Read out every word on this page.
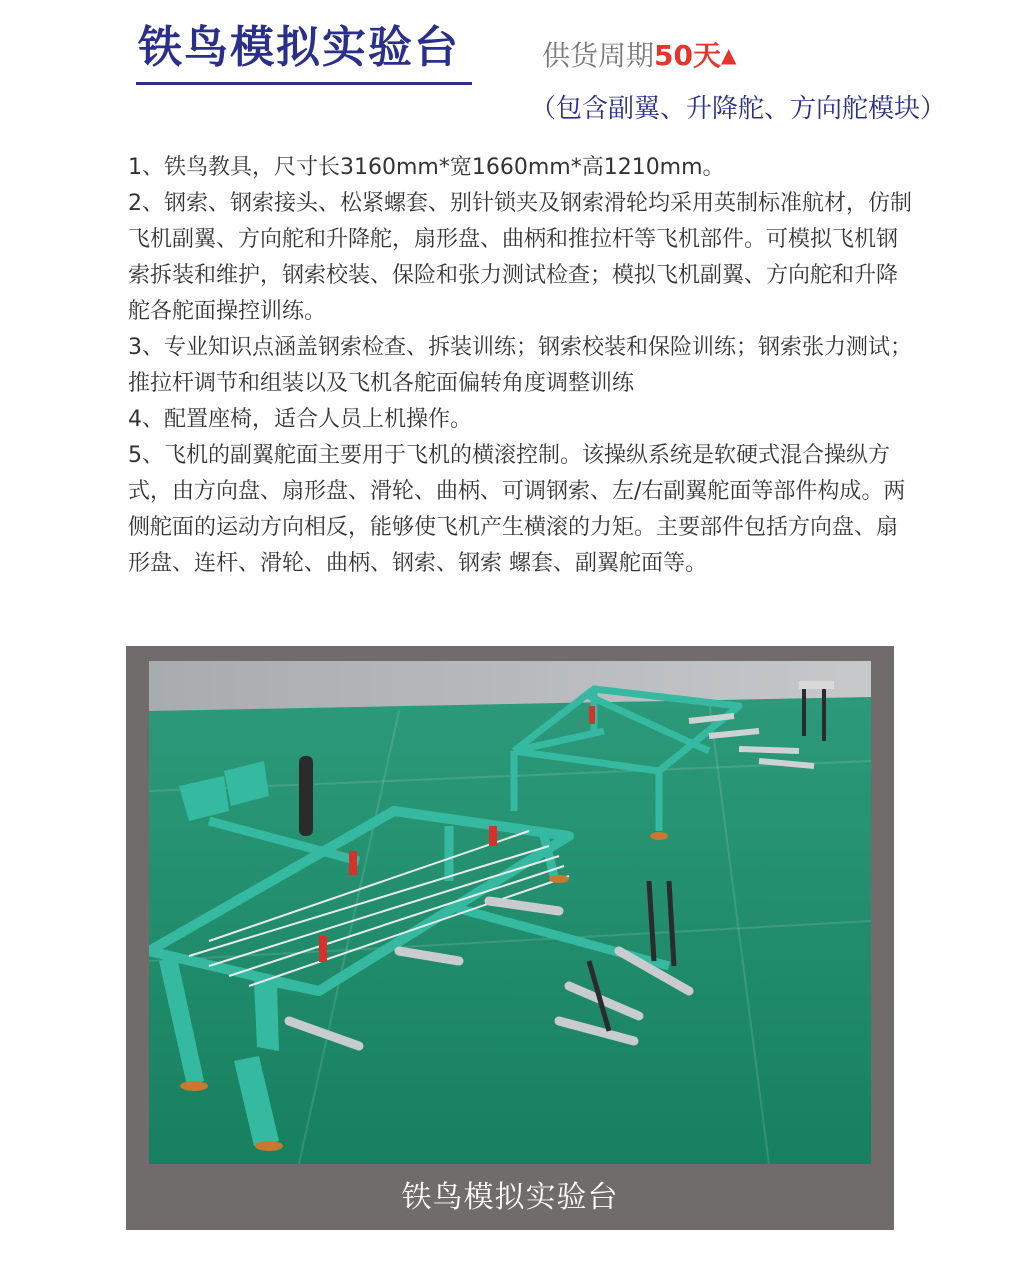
铁鸟模拟实验台	供货周期50天▲
（包含副翼、升降舵、方向舵模块）

1、铁鸟教具，尺寸长3160mm*宽1660mm*高1210mm。

2、钢索、钢索接头、松紧螺套、别针锁夹及钢索滑轮均采用英制标准航材，仿制飞机副翼、方向舵和升降舵，扇形盘、曲柄和推拉杆等飞机部件。可模拟飞机钢索拆装和维护，钢索校装、保险和张力测试检查；模拟飞机副翼、方向舵和升降舵各舵面操控训练。

3、专业知识点涵盖钢索检查、拆装训练；钢索校装和保险训练；钢索张力测试；推拉杆调节和组装以及飞机各舵面偏转角度调整训练

4、配置座椅，适合人员上机操作。

5、飞机的副翼舵面主要用于飞机的横滚控制。该操纵系统是软硬式混合操纵方式，由方向盘、扇形盘、滑轮、曲柄、可调钢索、左/右副翼舵面等部件构成。两侧舵面的运动方向相反，能够使飞机产生横滚的力矩。主要部件包括方向盘、扇形盘、连杆、滑轮、曲柄、钢索、钢索 螺套、副翼舵面等。

铁鸟模拟实验台
